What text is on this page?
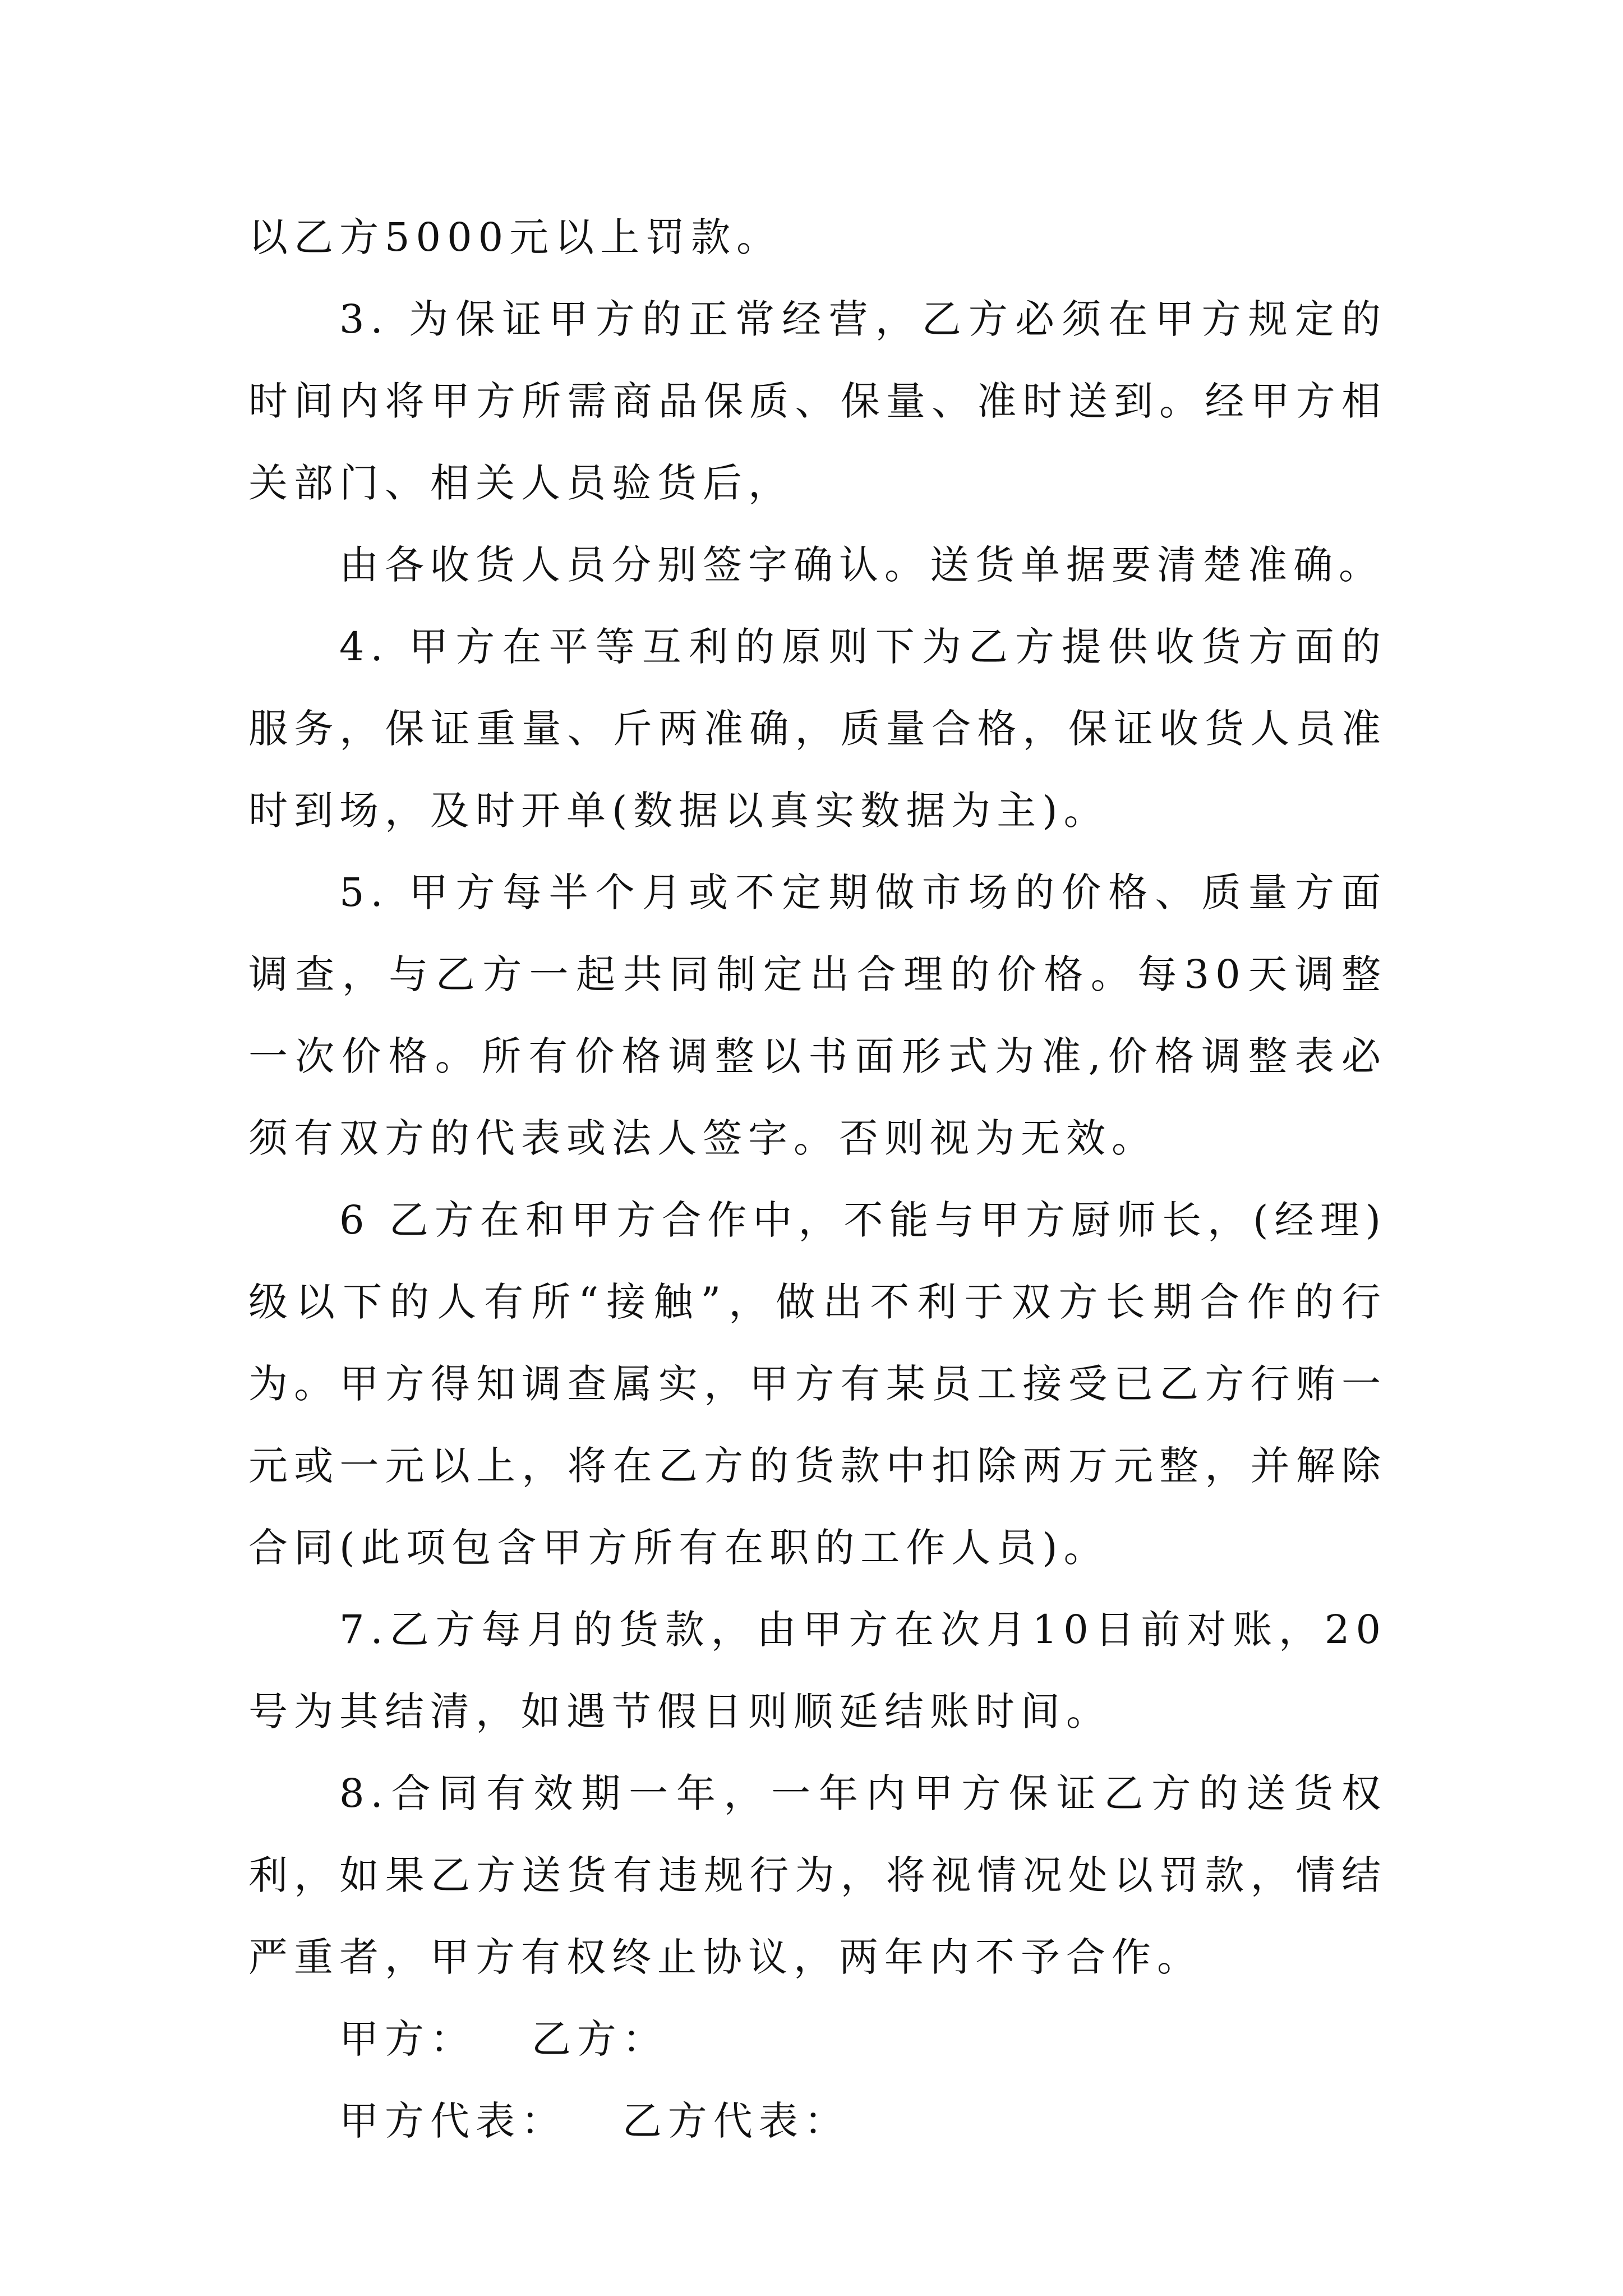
以乙方5000元以上罚款。

3. 为保证甲方的正常经营，乙方必须在甲方规定的时间内将甲方所需商品保质、保量、准时送到。经甲方相关部门、相关人员验货后，

由各收货人员分别签字确认。送货单据要清楚准确。

4. 甲方在平等互利的原则下为乙方提供收货方面的服务，保证重量、斤两准确，质量合格，保证收货人员准时到场，及时开单(数据以真实数据为主)。

5. 甲方每半个月或不定期做市场的价格、质量方面调查，与乙方一起共同制定出合理的价格。每30天调整一次价格。所有价格调整以书面形式为准,价格调整表必须有双方的代表或法人签字。否则视为无效。

6 乙方在和甲方合作中，不能与甲方厨师长，(经理)级以下的人有所“接触”，做出不利于双方长期合作的行为。甲方得知调查属实，甲方有某员工接受已乙方行贿一元或一元以上，将在乙方的货款中扣除两万元整，并解除合同(此项包含甲方所有在职的工作人员)。

7.乙方每月的货款，由甲方在次月10日前对账，20号为其结清，如遇节假日则顺延结账时间。

8.合同有效期一年，一年内甲方保证乙方的送货权利，如果乙方送货有违规行为，将视情况处以罚款，情结严重者，甲方有权终止协议，两年内不予合作。

甲方： 乙方：
甲方代表： 乙方代表：
